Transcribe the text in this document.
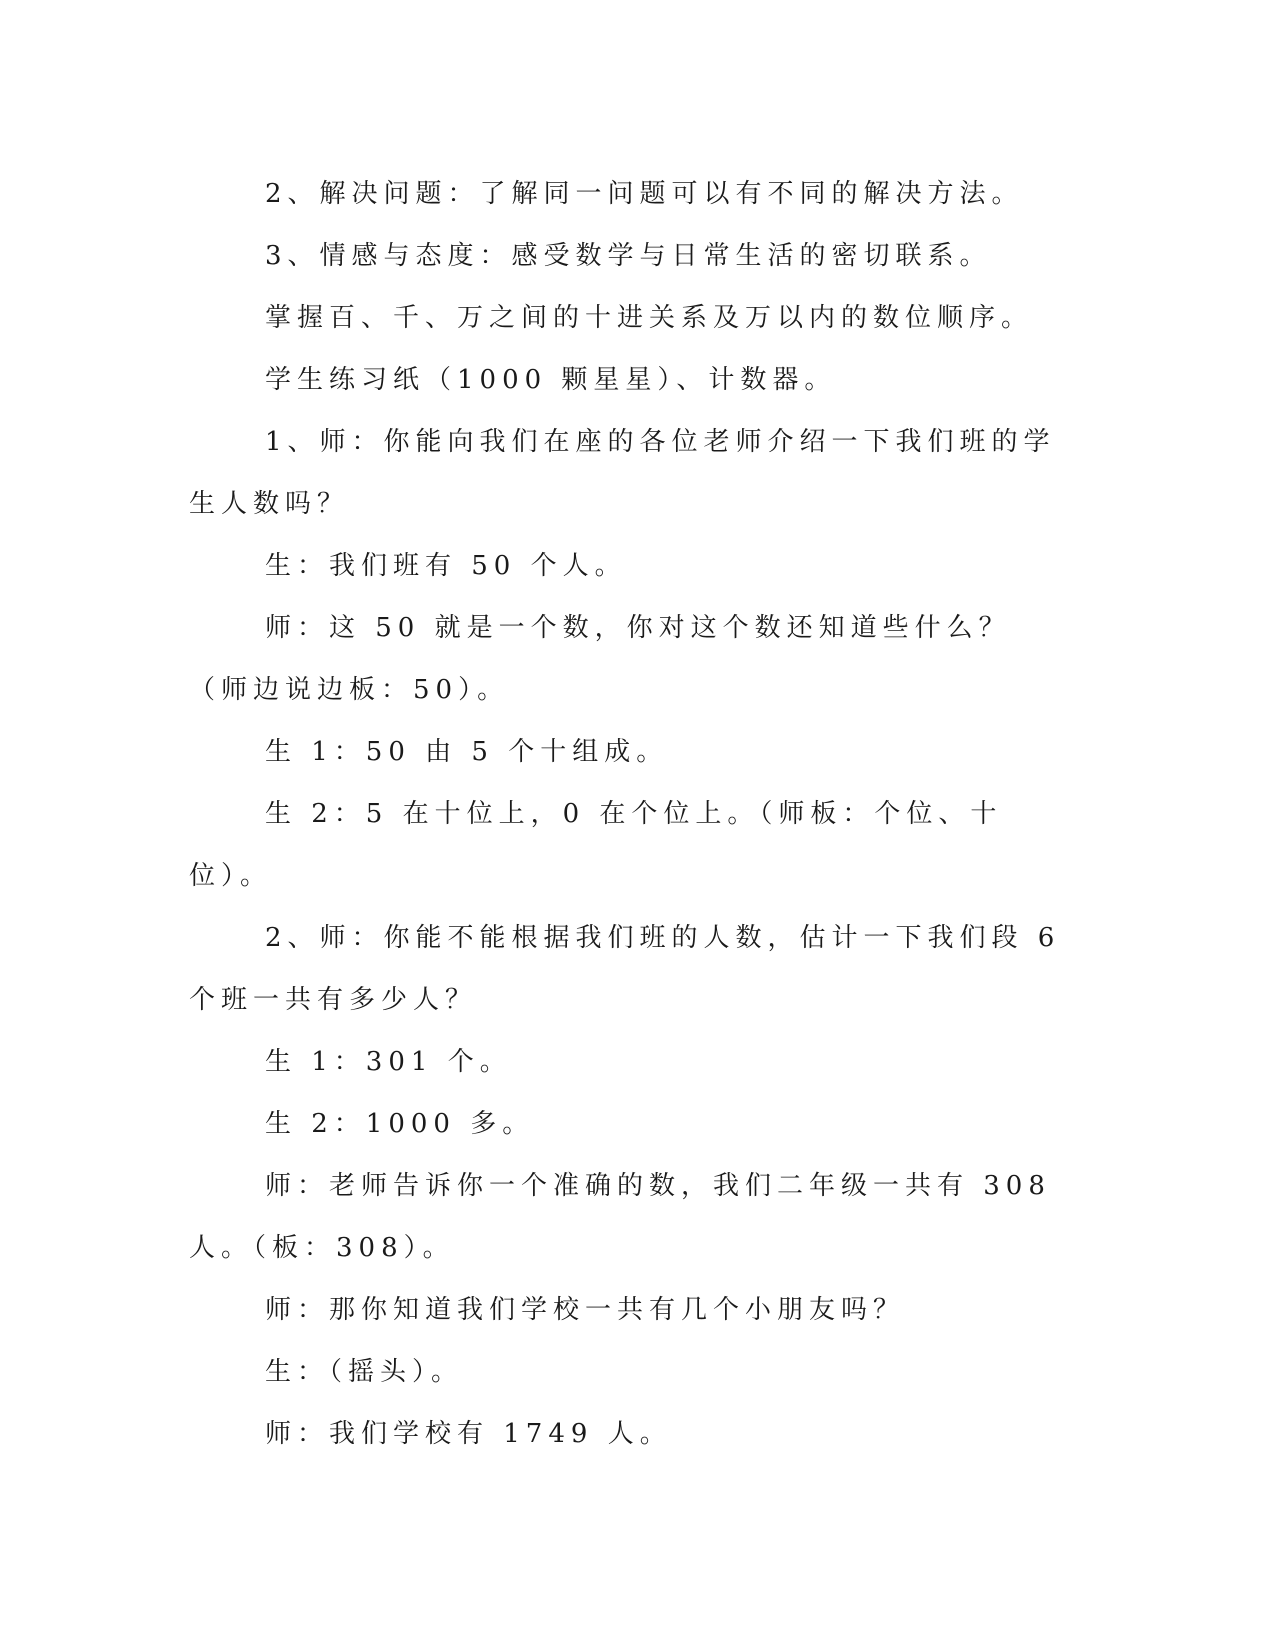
2、解决问题：了解同一问题可以有不同的解决方法。

3、情感与态度：感受数学与日常生活的密切联系。

掌握百、千、万之间的十进关系及万以内的数位顺序。

学生练习纸（1000 颗星星）、计数器。

1、师：你能向我们在座的各位老师介绍一下我们班的学生人数吗？

生：我们班有 50 个人。

师：这 50 就是一个数，你对这个数还知道些什么？（师边说边板：50）。

生 1：50 由 5 个十组成。

生 2：5 在十位上，0 在个位上。（师板：个位、十位）。

2、师：你能不能根据我们班的人数，估计一下我们段 6 个班一共有多少人？

生 1：301 个。

生 2：1000 多。

师：老师告诉你一个准确的数，我们二年级一共有 308 人。（板：308）。

师：那你知道我们学校一共有几个小朋友吗？

生：（摇头）。

师：我们学校有 1749 人。
